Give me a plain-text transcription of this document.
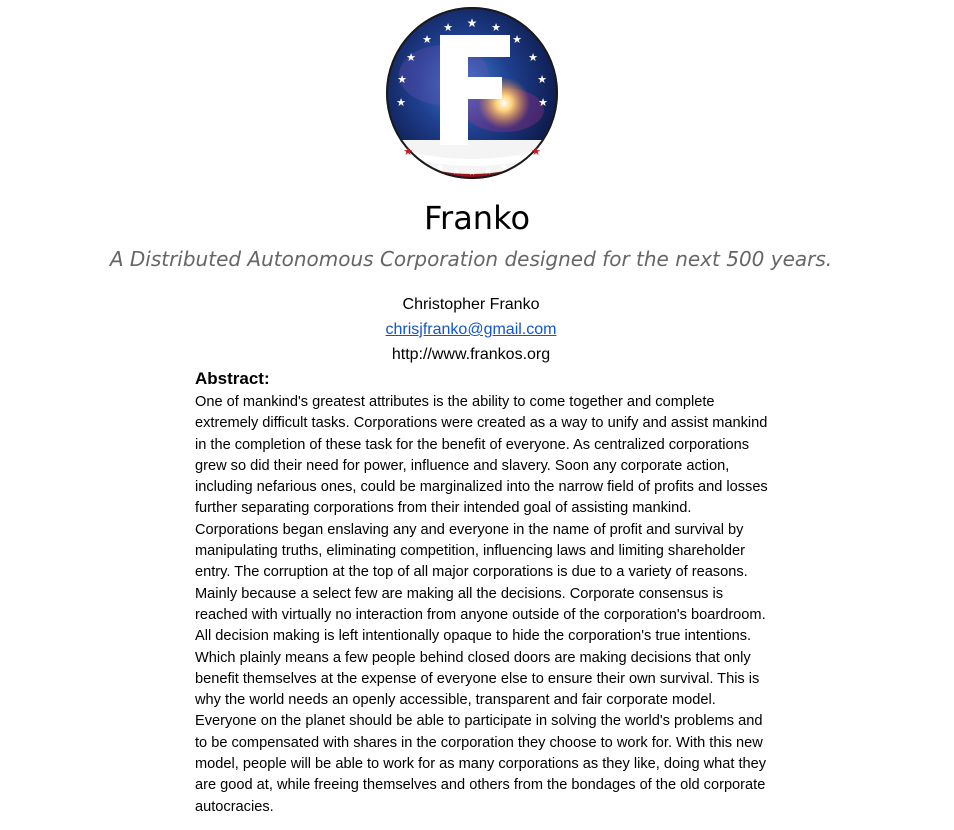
★ ★
★
★
★
★
★
★
★
★
★
★ ★ ★ ★ ★
★	★
Franko
A Distributed Autonomous Corporation designed for the next 500 years.
Christopher Franko
chrisjfranko@gmail.com
http://www.frankos.org
Abstract:
One of mankind's greatest attributes is the ability to come together and complete
extremely difficult tasks. Corporations were created as a way to unify and assist mankind
in the completion of these task for the benefit of everyone. As centralized corporations
grew so did their need for power, influence and slavery. Soon any corporate action,
including nefarious ones, could be marginalized into the narrow field of profits and losses
further separating corporations from their intended goal of assisting mankind.
Corporations began enslaving any and everyone in the name of profit and survival by
manipulating truths, eliminating competition, influencing laws and limiting shareholder
entry. The corruption at the top of all major corporations is due to a variety of reasons.
Mainly because a select few are making all the decisions. Corporate consensus is
reached with virtually no interaction from anyone outside of the corporation's boardroom.
All decision making is left intentionally opaque to hide the corporation's true intentions.
Which plainly means a few people behind closed doors are making decisions that only
benefit themselves at the expense of everyone else to ensure their own survival. This is
why the world needs an openly accessible, transparent and fair corporate model.
Everyone on the planet should be able to participate in solving the world's problems and
to be compensated with shares in the corporation they choose to work for. With this new
model, people will be able to work for as many corporations as they like, doing what they
are good at, while freeing themselves and others from the bondages of the old corporate
autocracies.
